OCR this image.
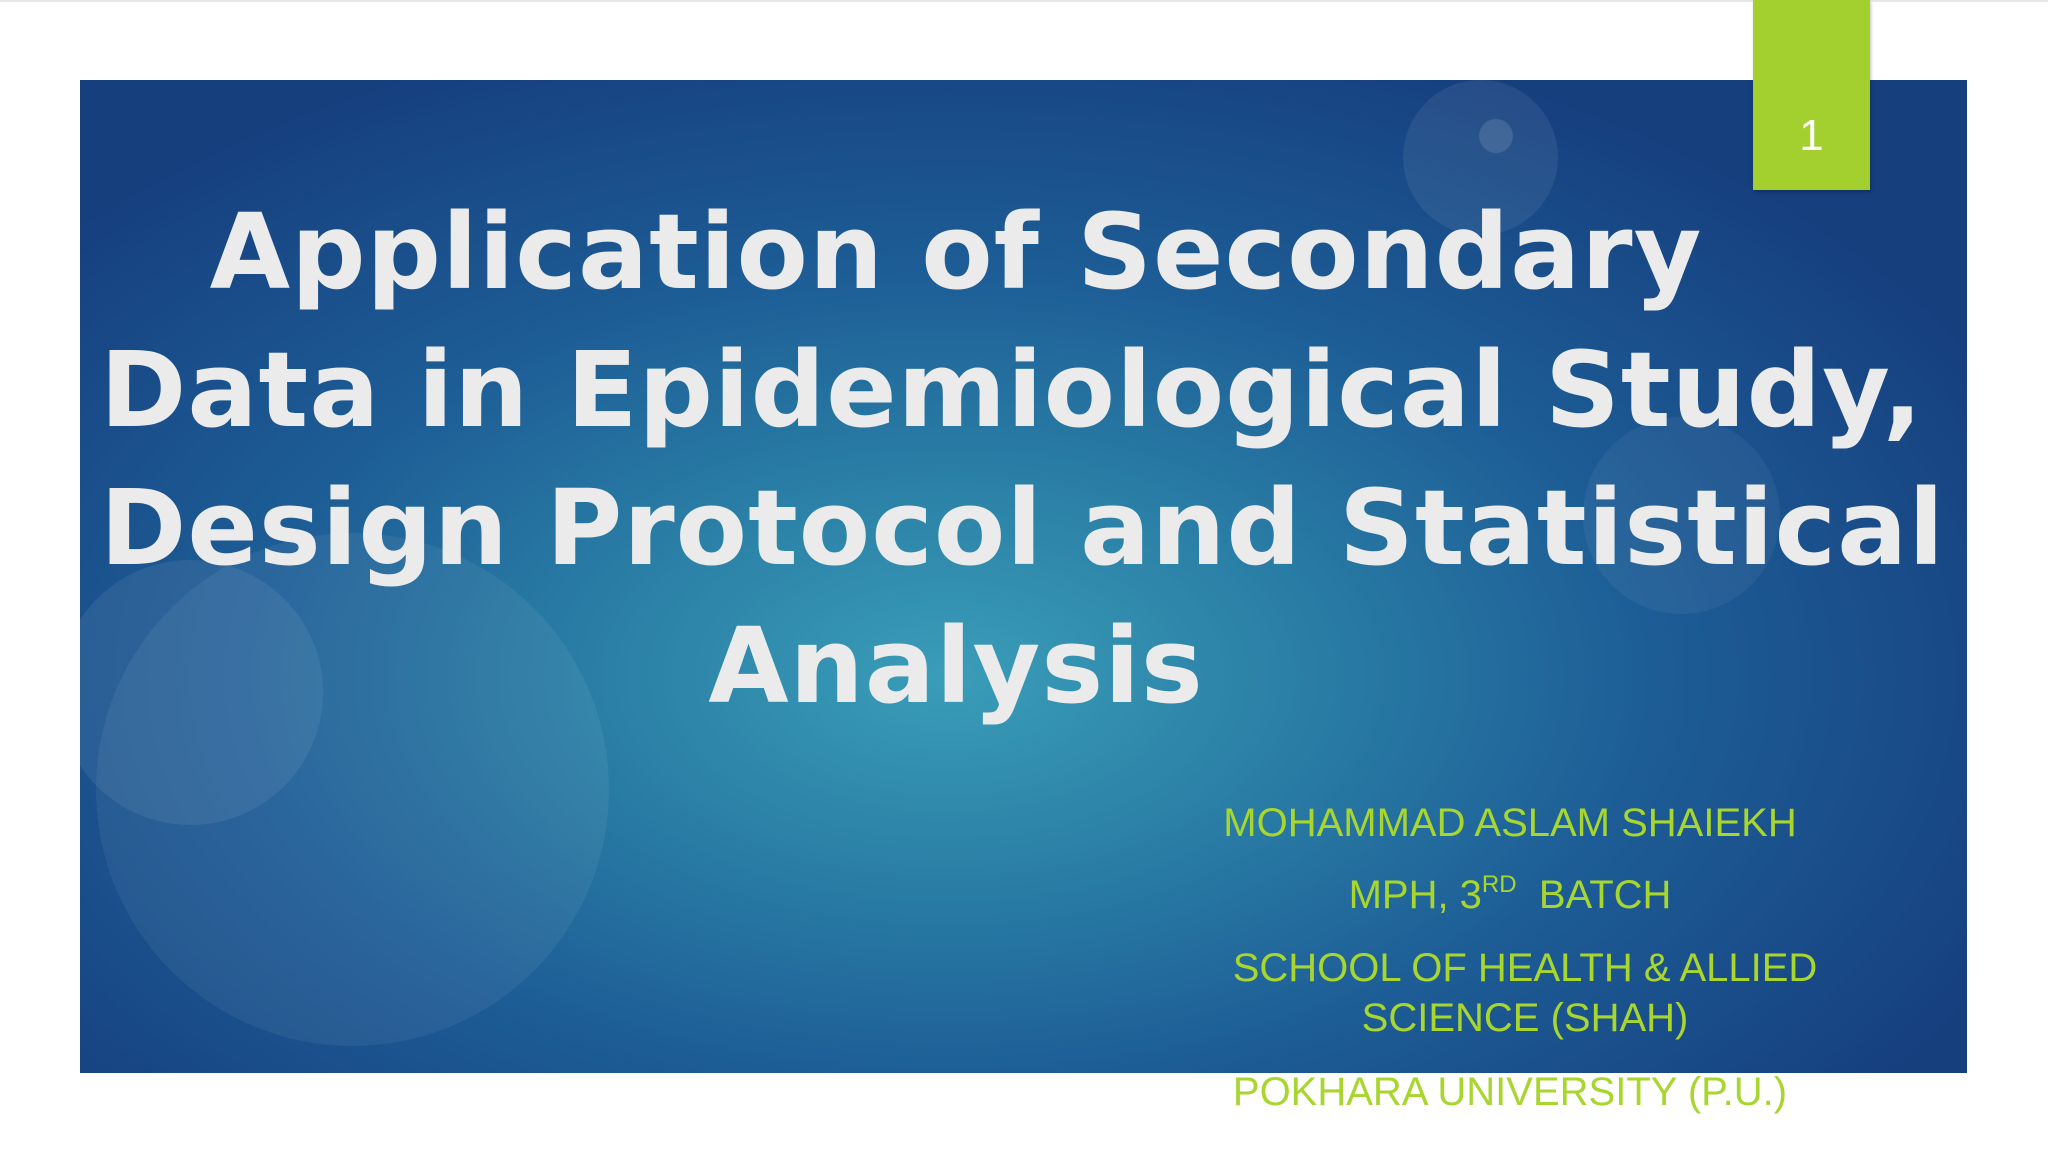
Application of Secondary
Data in Epidemiological Study,
Design Protocol and Statistical
Analysis
MOHAMMAD ASLAM SHAIEKH
MPH, 3RD  BATCH
SCHOOL OF HEALTH & ALLIED
SCIENCE (SHAH)
POKHARA UNIVERSITY (P.U.)
1
